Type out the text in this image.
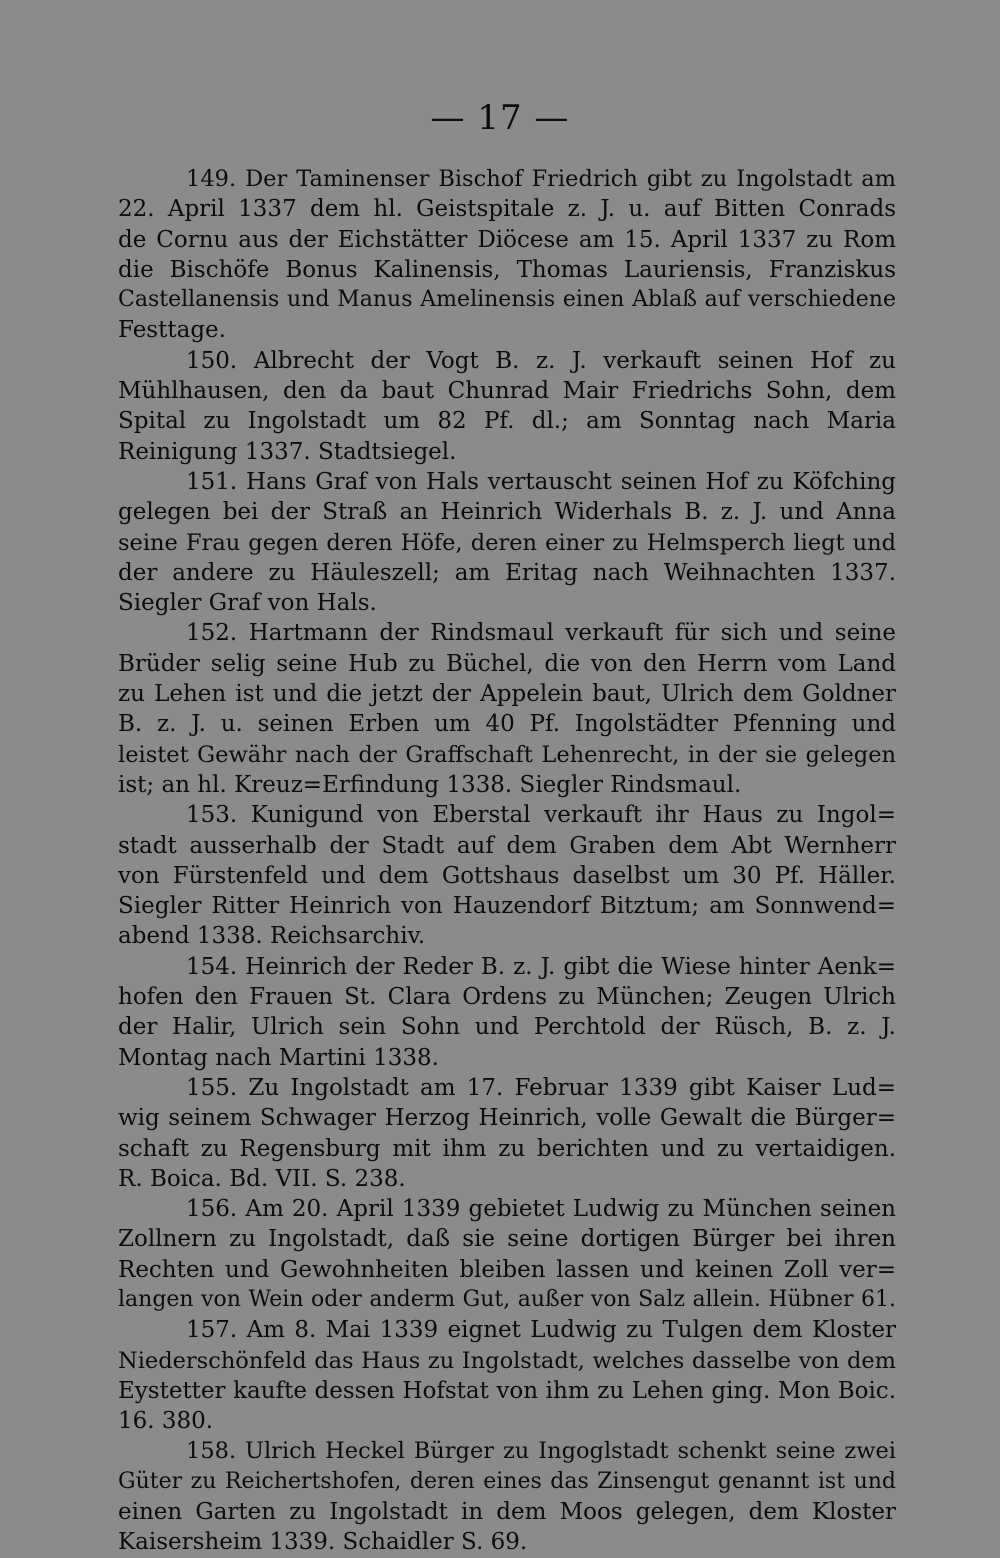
— 17 —
149. Der Taminenser Bischof Friedrich gibt zu Ingolstadt am
22. April 1337 dem hl. Geistspitale z. J. u. auf Bitten Conrads
de Cornu aus der Eichstätter Diöcese am 15. April 1337 zu Rom
die Bischöfe Bonus Kalinensis, Thomas Lauriensis, Franziskus
Castellanensis und Manus Amelinensis einen Ablaß auf verschiedene
Festtage.
150. Albrecht der Vogt B. z. J. verkauft seinen Hof zu
Mühlhausen, den da baut Chunrad Mair Friedrichs Sohn, dem
Spital zu Ingolstadt um 82 Pf. dl.; am Sonntag nach Maria
Reinigung 1337. Stadtsiegel.
151. Hans Graf von Hals vertauscht seinen Hof zu Köfching
gelegen bei der Straß an Heinrich Widerhals B. z. J. und Anna
seine Frau gegen deren Höfe, deren einer zu Helmsperch liegt und
der andere zu Häuleszell; am Eritag nach Weihnachten 1337.
Siegler Graf von Hals.
152. Hartmann der Rindsmaul verkauft für sich und seine
Brüder selig seine Hub zu Büchel, die von den Herrn vom Land
zu Lehen ist und die jetzt der Appelein baut, Ulrich dem Goldner
B. z. J. u. seinen Erben um 40 Pf. Ingolstädter Pfenning und
leistet Gewähr nach der Graffschaft Lehenrecht, in der sie gelegen
ist; an hl. Kreuz=Erfindung 1338. Siegler Rindsmaul.
153. Kunigund von Eberstal verkauft ihr Haus zu Ingol=
stadt ausserhalb der Stadt auf dem Graben dem Abt Wernherr
von Fürstenfeld und dem Gottshaus daselbst um 30 Pf. Häller.
Siegler Ritter Heinrich von Hauzendorf Bitztum; am Sonnwend=
abend 1338. Reichsarchiv.
154. Heinrich der Reder B. z. J. gibt die Wiese hinter Aenk=
hofen den Frauen St. Clara Ordens zu München; Zeugen Ulrich
der Halir, Ulrich sein Sohn und Perchtold der Rüsch, B. z. J.
Montag nach Martini 1338.
155. Zu Ingolstadt am 17. Februar 1339 gibt Kaiser Lud=
wig seinem Schwager Herzog Heinrich, volle Gewalt die Bürger=
schaft zu Regensburg mit ihm zu berichten und zu vertaidigen.
R. Boica. Bd. VII. S. 238.
156. Am 20. April 1339 gebietet Ludwig zu München seinen
Zollnern zu Ingolstadt, daß sie seine dortigen Bürger bei ihren
Rechten und Gewohnheiten bleiben lassen und keinen Zoll ver=
langen von Wein oder anderm Gut, außer von Salz allein. Hübner 61.
157. Am 8. Mai 1339 eignet Ludwig zu Tulgen dem Kloster
Niederschönfeld das Haus zu Ingolstadt, welches dasselbe von dem
Eystetter kaufte dessen Hofstat von ihm zu Lehen ging. Mon Boic.
16. 380.
158. Ulrich Heckel Bürger zu Ingoglstadt schenkt seine zwei
Güter zu Reichertshofen, deren eines das Zinsengut genannt ist und
einen Garten zu Ingolstadt in dem Moos gelegen, dem Kloster
Kaisersheim 1339. Schaidler S. 69.
